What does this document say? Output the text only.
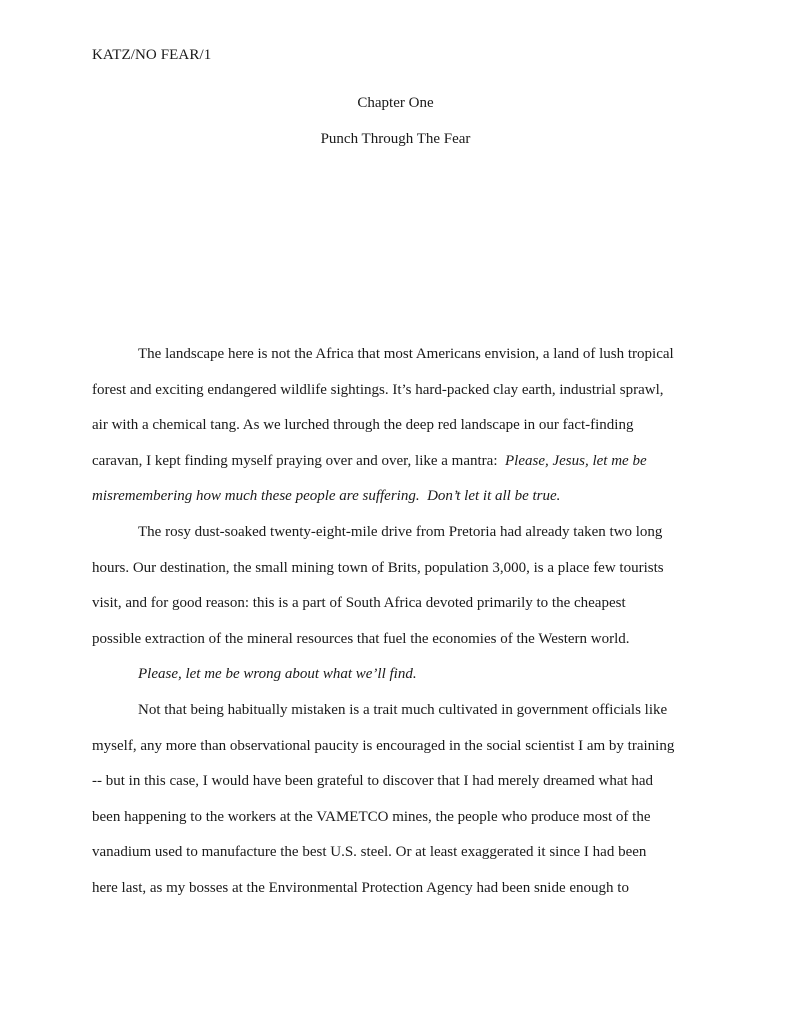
KATZ/NO FEAR/1
Chapter One
Punch Through The Fear
The landscape here is not the Africa that most Americans envision, a land of lush tropical
forest and exciting endangered wildlife sightings. It’s hard-packed clay earth, industrial sprawl,
air with a chemical tang. As we lurched through the deep red landscape in our fact-finding
caravan, I kept finding myself praying over and over, like a mantra:  Please, Jesus, let me be
misremembering how much these people are suffering.  Don’t let it all be true.
The rosy dust-soaked twenty-eight-mile drive from Pretoria had already taken two long
hours. Our destination, the small mining town of Brits, population 3,000, is a place few tourists
visit, and for good reason: this is a part of South Africa devoted primarily to the cheapest
possible extraction of the mineral resources that fuel the economies of the Western world.
Please, let me be wrong about what we’ll find.
Not that being habitually mistaken is a trait much cultivated in government officials like
myself, any more than observational paucity is encouraged in the social scientist I am by training
-- but in this case, I would have been grateful to discover that I had merely dreamed what had
been happening to the workers at the VAMETCO mines, the people who produce most of the
vanadium used to manufacture the best U.S. steel. Or at least exaggerated it since I had been
here last, as my bosses at the Environmental Protection Agency had been snide enough to
